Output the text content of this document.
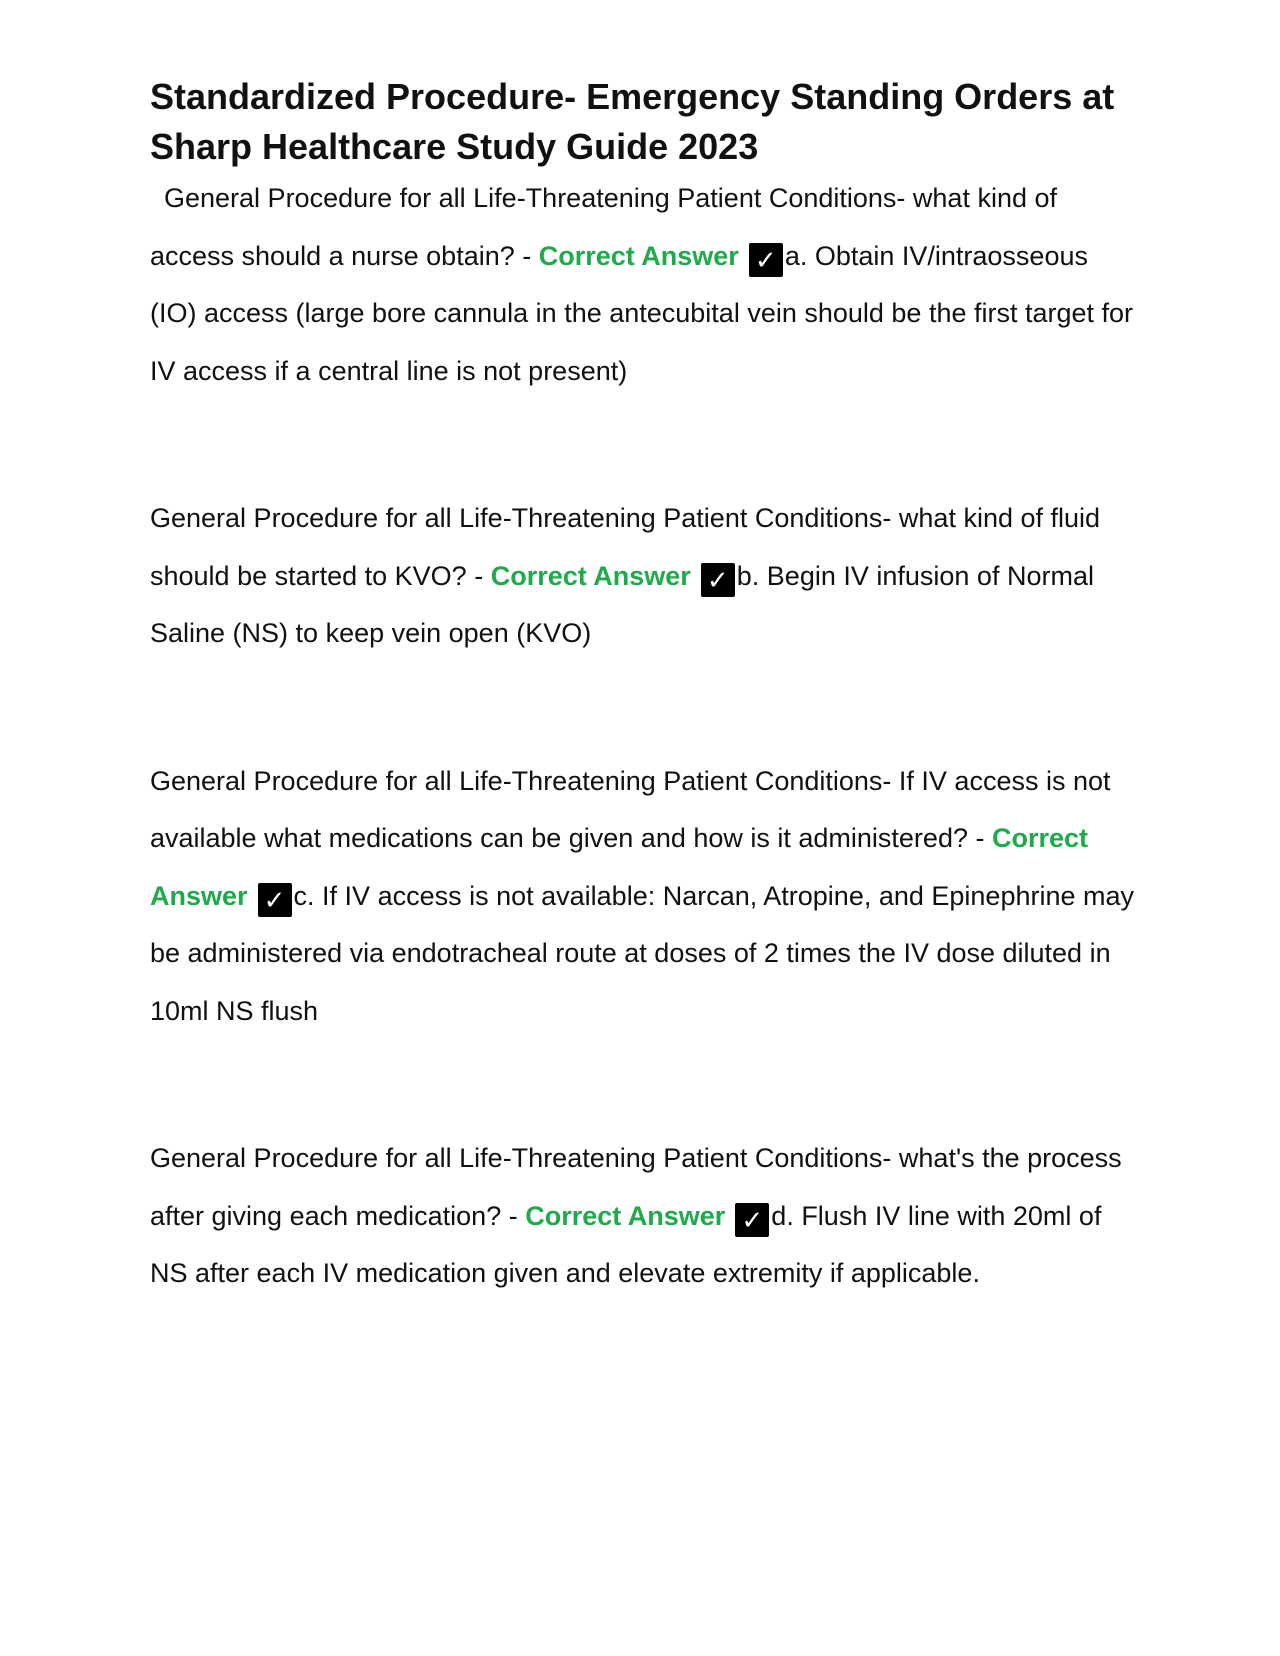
Standardized Procedure- Emergency Standing Orders at Sharp Healthcare Study Guide 2023

General Procedure for all Life-Threatening Patient Conditions- what kind of access should a nurse obtain? - Correct Answer ✓ a. Obtain IV/intraosseous (IO) access (large bore cannula in the antecubital vein should be the first target for IV access if a central line is not present)

General Procedure for all Life-Threatening Patient Conditions- what kind of fluid should be started to KVO? - Correct Answer ✓ b. Begin IV infusion of Normal Saline (NS) to keep vein open (KVO)

General Procedure for all Life-Threatening Patient Conditions- If IV access is not available what medications can be given and how is it administered? - Correct Answer ✓ c. If IV access is not available: Narcan, Atropine, and Epinephrine may be administered via endotracheal route at doses of 2 times the IV dose diluted in 10ml NS flush

General Procedure for all Life-Threatening Patient Conditions- what's the process after giving each medication? - Correct Answer ✓ d. Flush IV line with 20ml of NS after each IV medication given and elevate extremity if applicable.
